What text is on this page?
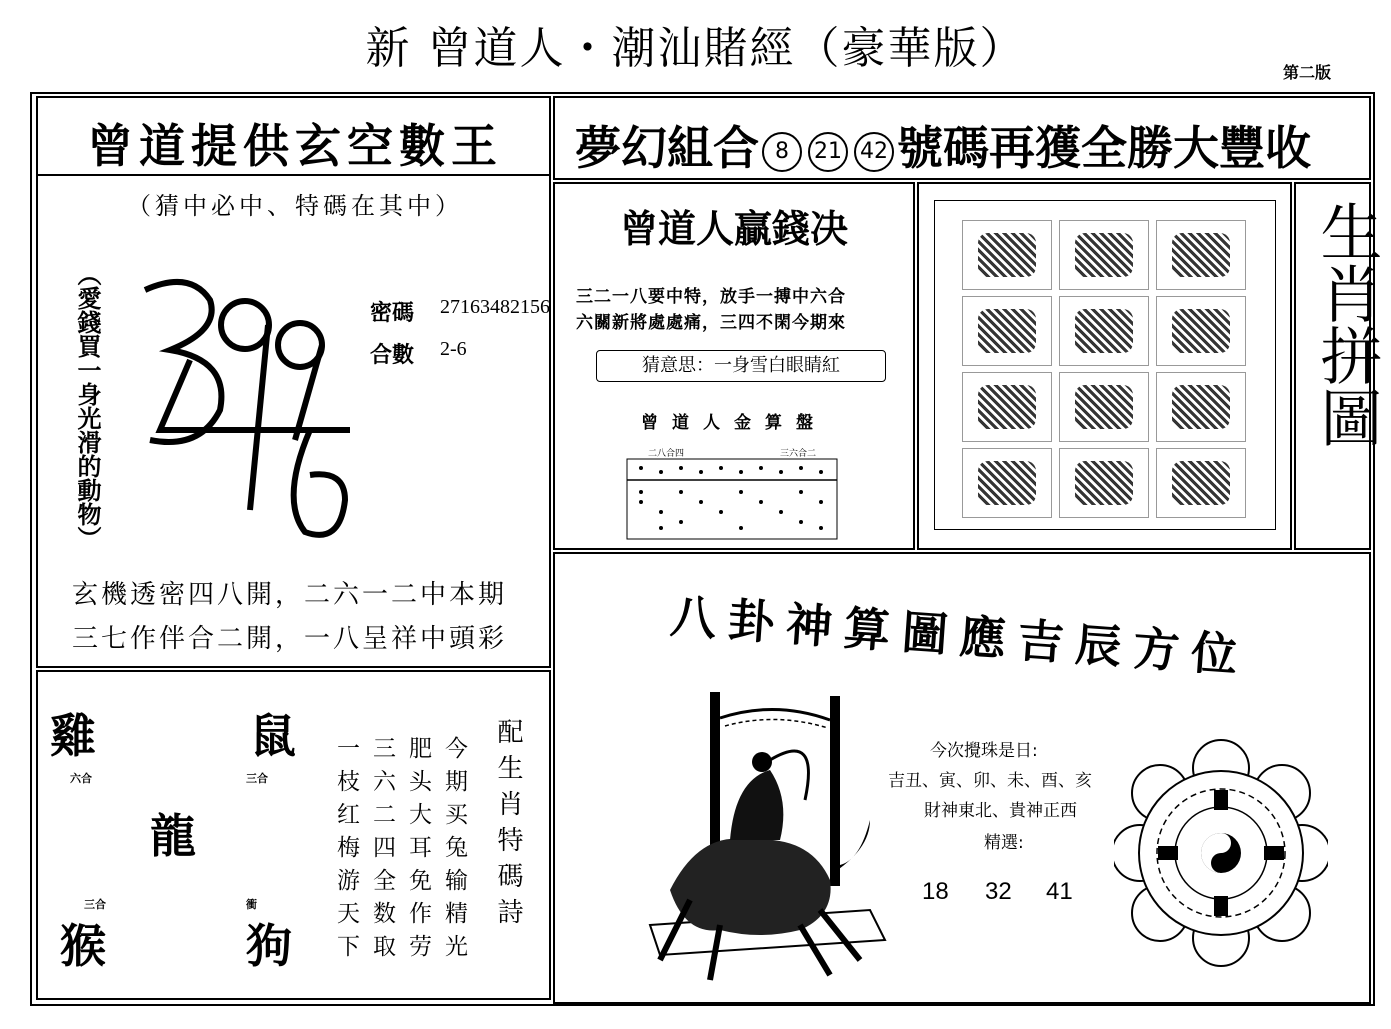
新 曾道人・潮汕賭經（豪華版）	第二版
曾道提供玄空數王
（猜中必中、特碼在其中）
（愛錢買一身光滑的動物）
3 9 9 4 6
密碼 27163482156
合數 2-6
玄機透密四八開，二六一二中本期
三七作伴合二開，一八呈祥中頭彩
夢幻組合 8 21 42 號碼再獲全勝大豐收
曾道人贏錢决
三二一八要中特，放手一搏中六合
六關新將處處痛，三四不閑今期來
猜意思：一身雪白眼睛紅
曾道人金算盤
二八合四	三六合二
生肖拼圖
雞
六合
鼠
三合
龍
三合
猴
衝
狗
配生肖特碼詩
今期买兔输精光
肥头大耳免作劳
三六二四全数取
一枝红梅游天下
八卦神算圖應吉辰方位
今次攪珠是日:
吉丑、寅、卯、未、酉、亥
財神東北、貴神正西
精選:
18 32 41
